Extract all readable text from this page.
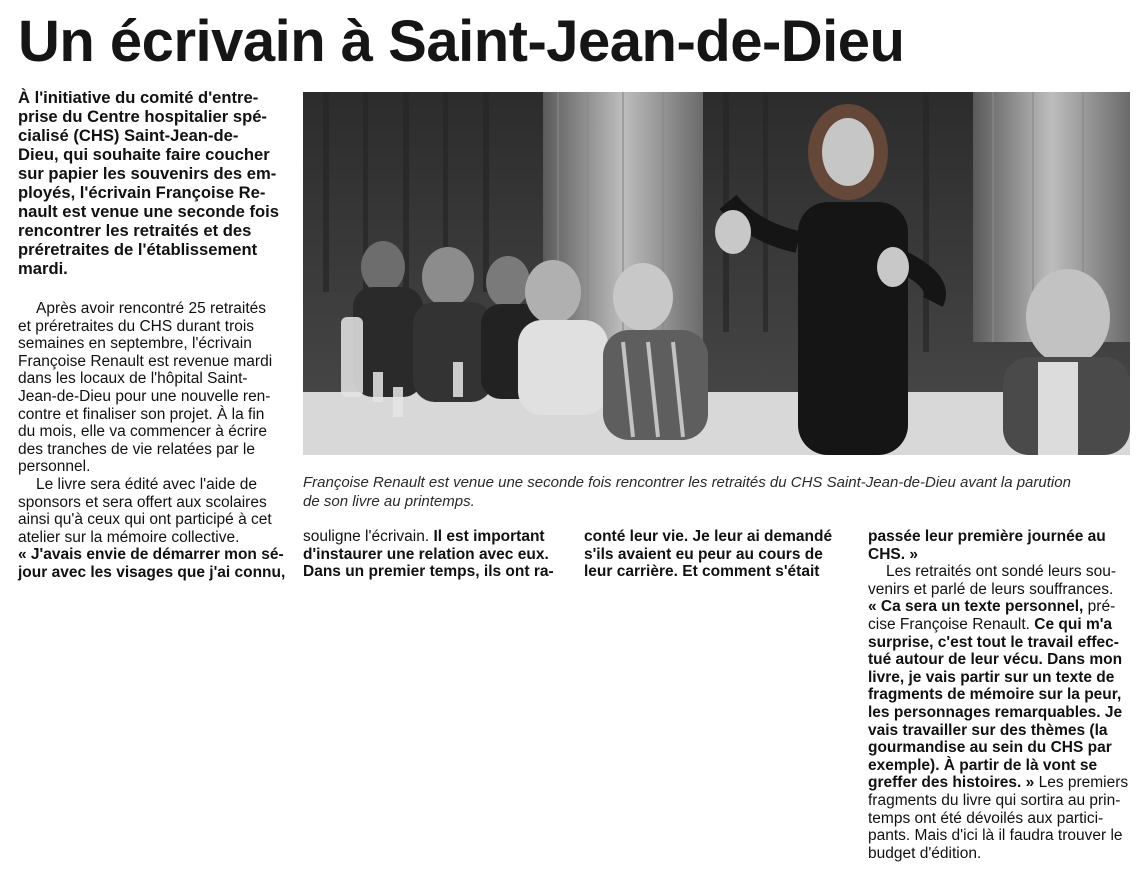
Un écrivain à Saint-Jean-de-Dieu
À l'initiative du comité d'entre- prise du Centre hospitalier spé- cialisé (CHS) Saint-Jean-de- Dieu, qui souhaite faire coucher sur papier les souvenirs des em- ployés, l'écrivain Françoise Re- nault est venue une seconde fois rencontrer les retraités et des préretraites de l'établissement mardi.
Après avoir rencontré 25 retraités
et préretraites du CHS durant trois
semaines en septembre, l'écrivain
Françoise Renault est revenue mardi
dans les locaux de l'hôpital Saint-
Jean-de-Dieu pour une nouvelle ren-
contre et finaliser son projet. À la fin
du mois, elle va commencer à écrire
des tranches de vie relatées par le
personnel.
Le livre sera édité avec l'aide de
sponsors et sera offert aux scolaires
ainsi qu'à ceux qui ont participé à cet
atelier sur la mémoire collective.
« J'avais envie de démarrer mon sé-
jour avec les visages que j'ai connu,
Françoise Renault est venue une seconde fois rencontrer les retraités du CHS Saint-Jean-de-Dieu avant la parution
de son livre au printemps.
souligne l'écrivain. Il est important
d'instaurer une relation avec eux.
Dans un premier temps, ils ont ra-
conté leur vie. Je leur ai demandé
s'ils avaient eu peur au cours de
leur carrière. Et comment s'était
passée leur première journée au
CHS. »
Les retraités ont sondé leurs sou-
venirs et parlé de leurs souffrances.
« Ca sera un texte personnel, pré-
cise Françoise Renault. Ce qui m'a
surprise, c'est tout le travail effec-
tué autour de leur vécu. Dans mon
livre, je vais partir sur un texte de
fragments de mémoire sur la peur,
les personnages remarquables. Je
vais travailler sur des thèmes (la
gourmandise au sein du CHS par
exemple). À partir de là vont se
greffer des histoires. » Les premiers
fragments du livre qui sortira au prin-
temps ont été dévoilés aux partici-
pants. Mais d'ici là il faudra trouver le
budget d'édition.
